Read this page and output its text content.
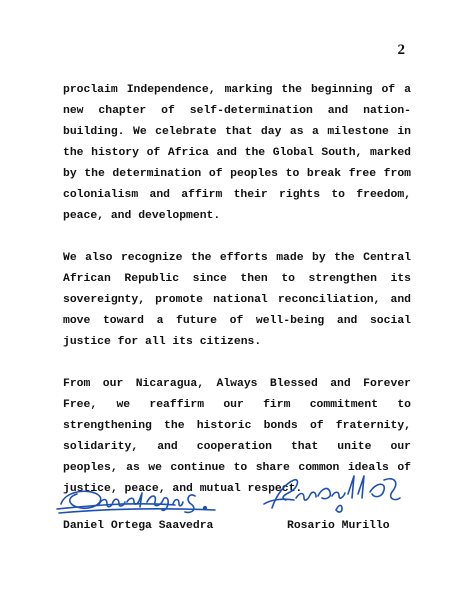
2

proclaim Independence, marking the beginning of a new chapter of self-determination and nation-building. We celebrate that day as a milestone in the history of Africa and the Global South, marked by the determination of peoples to break free from colonialism and affirm their rights to freedom, peace, and development.

We also recognize the efforts made by the Central African Republic since then to strengthen its sovereignty, promote national reconciliation, and move toward a future of well-being and social justice for all its citizens.

From our Nicaragua, Always Blessed and Forever Free, we reaffirm our firm commitment to strengthening the historic bonds of fraternity, solidarity, and cooperation that unite our peoples, as we continue to share common ideals of justice, peace, and mutual respect.

Daniel Ortega Saavedra	Rosario Murillo
